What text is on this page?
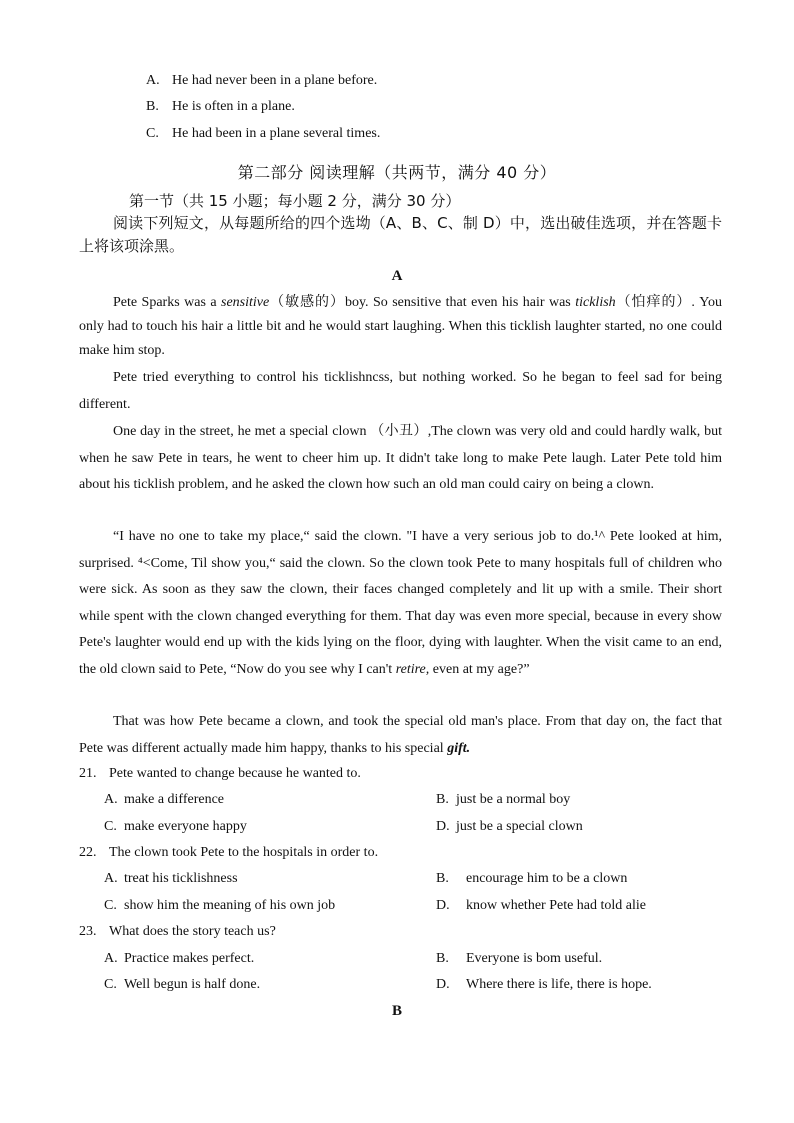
A. He had never been in a plane before.
B. He is often in a plane.
C. He had been in a plane several times.
第二部分 阅读理解（共两节，满分 40 分）
第一节（共 15 小题；每小题 2 分，满分 30 分）
阅读下列短文，从每题所给的四个选坳（A、B、C、制 D）中，选出破佳选项，并在答题卡上将该项涂黑。
A
Pete Sparks was a sensitive（敏感的）boy. So sensitive that even his hair was ticklish（怕痒的）. You only had to touch his hair a little bit and he would start laughing. When this ticklish laughter started, no one could make him stop.
Pete tried everything to control his ticklishncss, but nothing worked. So he began to feel sad for being different.
One day in the street, he met a special clown （小丑）,The clown was very old and could hardly walk, but when he saw Pete in tears, he went to cheer him up. It didn't take long to make Pete laugh. Later Pete told him about his ticklish problem, and he asked the clown how such an old man could cairy on being a clown.
“I have no one to take my place,“ said the clown. "I have a very serious job to do.¹^ Pete looked at him, surprised. ⁴<Come, Til show you,“ said the clown. So the clown took Pete to many hospitals full of children who were sick. As soon as they saw the clown, their faces changed completely and lit up with a smile. Their short while spent with the clown changed everything for them. That day was even more special, because in every show Pete's laughter would end up with the kids lying on the floor, dying with laughter. When the visit came to an end, the old clown said to Pete, “Now do you see why I can't retire, even at my age?”
That was how Pete became a clown, and took the special old man's place. From that day on, the fact that Pete was different actually made him happy, thanks to his special gift.
21. Pete wanted to change because he wanted to.
A. make a difference	B. just be a normal boy
C. make everyone happy	D. just be a special clown
22. The clown took Pete to the hospitals in order to.
A. treat his ticklishness	B. encourage him to be a clown
C. show him the meaning of his own job	D. know whether Pete had told alie
23. What does the story teach us?
A. Practice makes perfect.	B. Everyone is bom useful.
C. Well begun is half done.	D. Where there is life, there is hope.
B
